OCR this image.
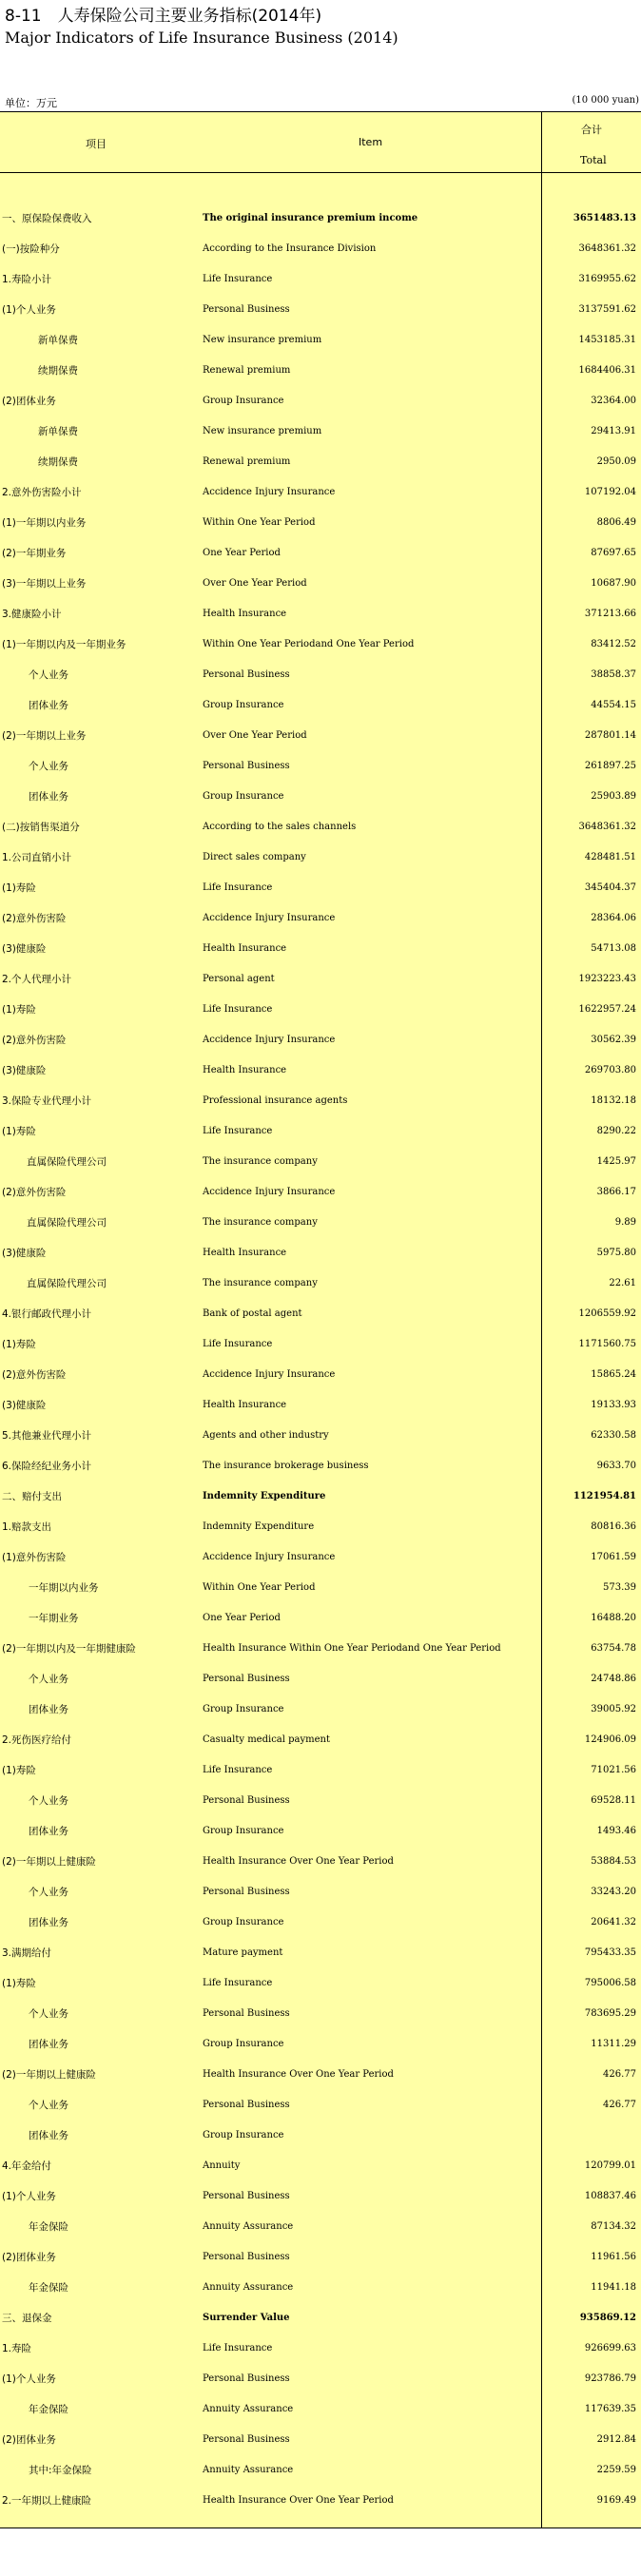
8-11　人寿保险公司主要业务指标(2014年)
Major Indicators of Life Insurance Business (2014)
单位：万元	(10 000 yuan)
项目	Item
合计
Total
一、原保险保费收入	The original insurance premium income	3651483.13
(一)按险种分	According to the Insurance Division	3648361.32
1.寿险小计	Life Insurance	3169955.62
(1)个人业务	Personal Business	3137591.62
新单保费	New insurance premium	1453185.31
续期保费	Renewal premium	1684406.31
(2)团体业务	Group Insurance	32364.00
新单保费	New insurance premium	29413.91
续期保费	Renewal premium	2950.09
2.意外伤害险小计	Accidence Injury Insurance	107192.04
(1)一年期以内业务	Within One Year Period	8806.49
(2)一年期业务	One Year Period	87697.65
(3)一年期以上业务	Over One Year Period	10687.90
3.健康险小计	Health Insurance	371213.66
(1)一年期以内及一年期业务	Within One Year Periodand One Year Period	83412.52
个人业务	Personal Business	38858.37
团体业务	Group Insurance	44554.15
(2)一年期以上业务	Over One Year Period	287801.14
个人业务	Personal Business	261897.25
团体业务	Group Insurance	25903.89
(二)按销售渠道分	According to the sales channels	3648361.32
1.公司直销小计	Direct sales company	428481.51
(1)寿险	Life Insurance	345404.37
(2)意外伤害险	Accidence Injury Insurance	28364.06
(3)健康险	Health Insurance	54713.08
2.个人代理小计	Personal agent	1923223.43
(1)寿险	Life Insurance	1622957.24
(2)意外伤害险	Accidence Injury Insurance	30562.39
(3)健康险	Health Insurance	269703.80
3.保险专业代理小计	Professional insurance agents	18132.18
(1)寿险	Life Insurance	8290.22
直属保险代理公司	The insurance company	1425.97
(2)意外伤害险	Accidence Injury Insurance	3866.17
直属保险代理公司	The insurance company	9.89
(3)健康险	Health Insurance	5975.80
直属保险代理公司	The insurance company	22.61
4.银行邮政代理小计	Bank of postal agent	1206559.92
(1)寿险	Life Insurance	1171560.75
(2)意外伤害险	Accidence Injury Insurance	15865.24
(3)健康险	Health Insurance	19133.93
5.其他兼业代理小计	Agents and other industry	62330.58
6.保险经纪业务小计	The insurance brokerage business	9633.70
二、赔付支出	Indemnity Expenditure	1121954.81
1.赔款支出	Indemnity Expenditure	80816.36
(1)意外伤害险	Accidence Injury Insurance	17061.59
一年期以内业务	Within One Year Period	573.39
一年期业务	One Year Period	16488.20
(2)一年期以内及一年期健康险	Health Insurance Within One Year Periodand One Year Period	63754.78
个人业务	Personal Business	24748.86
团体业务	Group Insurance	39005.92
2.死伤医疗给付	Casualty medical payment	124906.09
(1)寿险	Life Insurance	71021.56
个人业务	Personal Business	69528.11
团体业务	Group Insurance	1493.46
(2)一年期以上健康险	Health Insurance Over One Year Period	53884.53
个人业务	Personal Business	33243.20
团体业务	Group Insurance	20641.32
3.满期给付	Mature payment	795433.35
(1)寿险	Life Insurance	795006.58
个人业务	Personal Business	783695.29
团体业务	Group Insurance	11311.29
(2)一年期以上健康险	Health Insurance Over One Year Period	426.77
个人业务	Personal Business	426.77
团体业务	Group Insurance
4.年金给付	Annuity	120799.01
(1)个人业务	Personal Business	108837.46
年金保险	Annuity Assurance	87134.32
(2)团体业务	Personal Business	11961.56
年金保险	Annuity Assurance	11941.18
三、退保金	Surrender Value	935869.12
1.寿险	Life Insurance	926699.63
(1)个人业务	Personal Business	923786.79
年金保险	Annuity Assurance	117639.35
(2)团体业务	Personal Business	2912.84
其中:年金保险	Annuity Assurance	2259.59
2.一年期以上健康险	Health Insurance Over One Year Period	9169.49
